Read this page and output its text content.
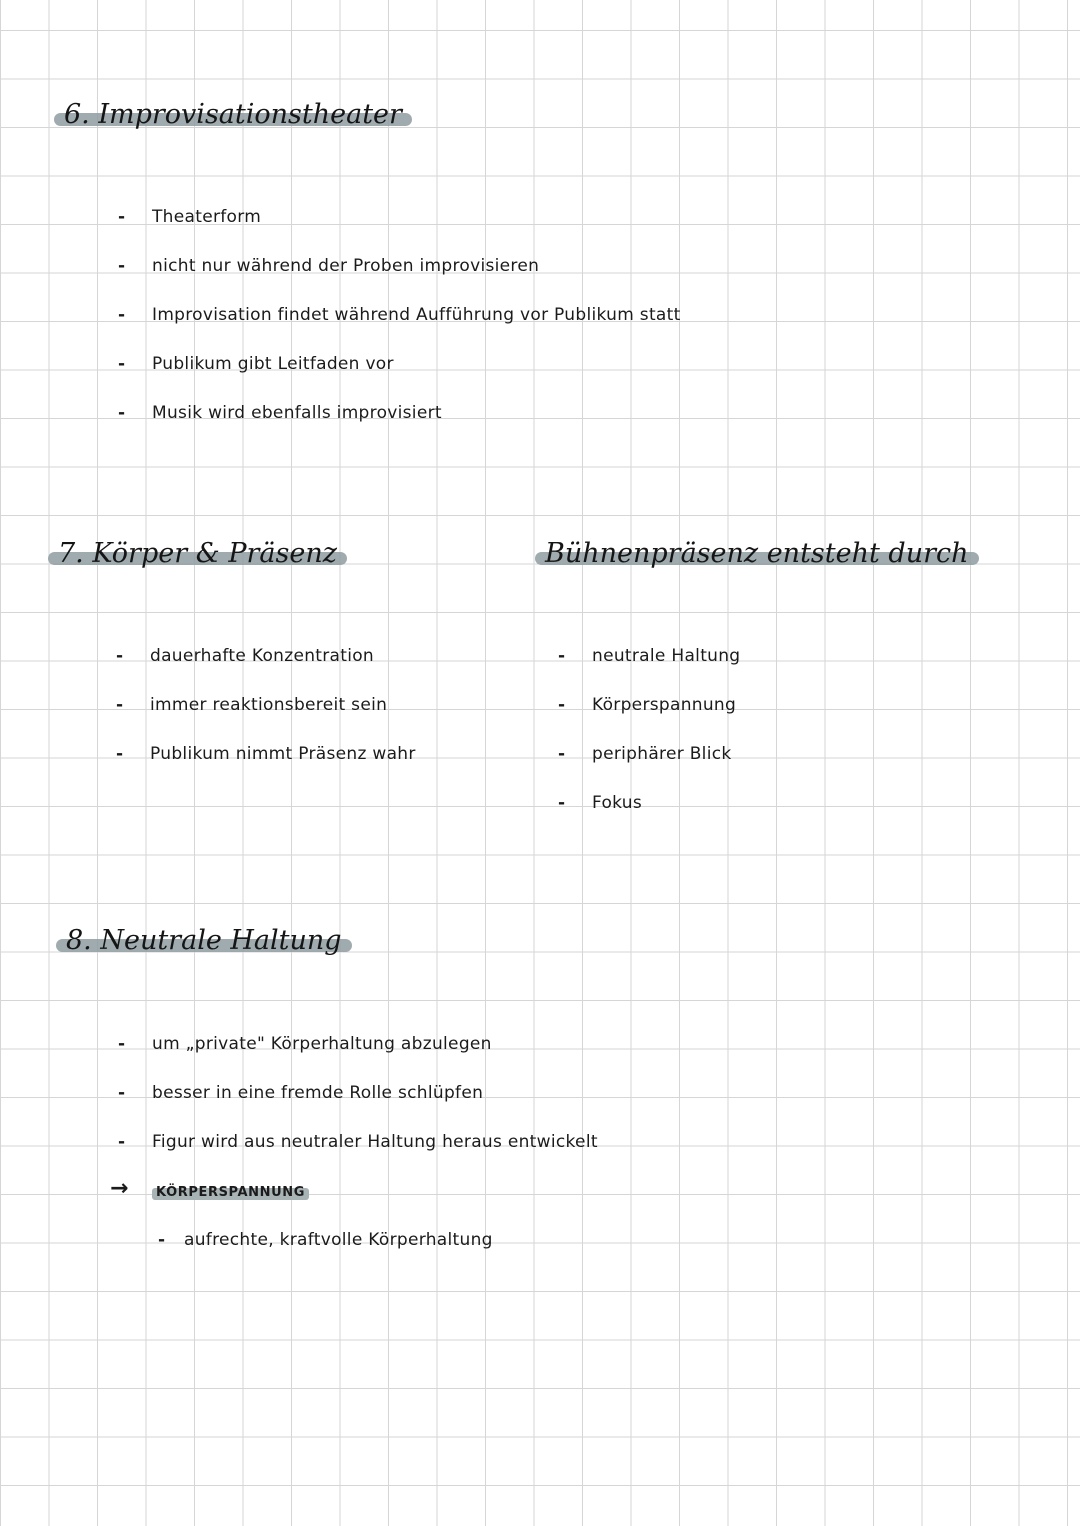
6. Improvisationstheater
- Theaterform
- nicht nur während der Proben improvisieren
- Improvisation findet während Aufführung vor Publikum statt
- Publikum gibt Leitfaden vor
- Musik wird ebenfalls improvisiert
7. Körper & Präsenz
- dauerhafte Konzentration
- immer reaktionsbereit sein
- Publikum nimmt Präsenz wahr
Bühnenpräsenz entsteht durch
- neutrale Haltung
- Körperspannung
- periphärer Blick
- Fokus
8. Neutrale Haltung
- um „private" Körperhaltung abzulegen
- besser in eine fremde Rolle schlüpfen
- Figur wird aus neutraler Haltung heraus entwickelt
→ KÖRPERSPANNUNG
- aufrechte, kraftvolle Körperhaltung
